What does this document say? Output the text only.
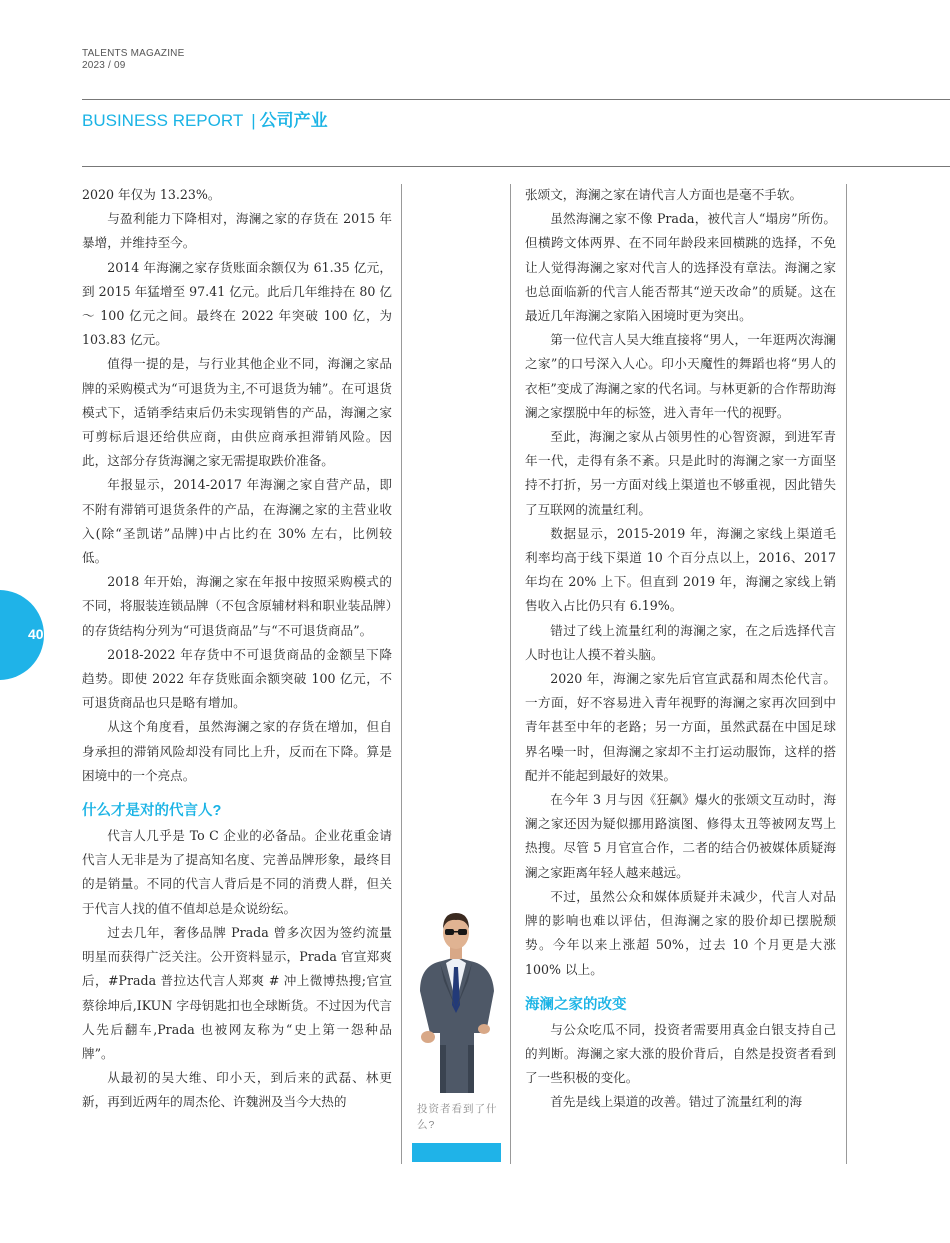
TALENTS MAGAZINE
2023 / 09
BUSINESS REPORT | 公司产业
40

2020 年仅为 13.23%。

与盈利能力下降相对，海澜之家的存货在 2015 年暴增，并维持至今。

2014 年海澜之家存货账面余额仅为 61.35 亿元，到 2015 年猛增至 97.41 亿元。此后几年维持在 80 亿～ 100 亿元之间。最终在 2022 年突破 100 亿，为 103.83 亿元。

值得一提的是，与行业其他企业不同，海澜之家品牌的采购模式为“可退货为主,不可退货为辅”。在可退货模式下，适销季结束后仍未实现销售的产品，海澜之家可剪标后退还给供应商，由供应商承担滞销风险。因此，这部分存货海澜之家无需提取跌价准备。

年报显示，2014-2017 年海澜之家自营产品，即不附有滞销可退货条件的产品，在海澜之家的主营业收入(除“圣凯诺”品牌)中占比约在 30% 左右，比例较低。

2018 年开始，海澜之家在年报中按照采购模式的不同，将服装连锁品牌（不包含原辅材料和职业装品牌）的存货结构分列为“可退货商品”与“不可退货商品”。

2018-2022 年存货中不可退货商品的金额呈下降趋势。即使 2022 年存货账面余额突破 100 亿元，不可退货商品也只是略有增加。

从这个角度看，虽然海澜之家的存货在增加，但自身承担的滞销风险却没有同比上升，反而在下降。算是困境中的一个亮点。

什么才是对的代言人?

代言人几乎是 To C 企业的必备品。企业花重金请代言人无非是为了提高知名度、完善品牌形象，最终目的是销量。不同的代言人背后是不同的消费人群，但关于代言人找的值不值却总是众说纷纭。

过去几年，奢侈品牌 Prada 曾多次因为签约流量明星而获得广泛关注。公开资料显示，Prada 官宣郑爽后，#Prada 普拉达代言人郑爽 # 冲上微博热搜;官宣蔡徐坤后,IKUN 字母钥匙扣也全球断货。不过因为代言人先后翻车,Prada 也被网友称为“史上第一怨种品牌”。

从最初的吴大维、印小天，到后来的武磊、林更新，再到近两年的周杰伦、许魏洲及当今大热的	投资者看到了什么?

张颂文，海澜之家在请代言人方面也是毫不手软。

虽然海澜之家不像 Prada，被代言人“塌房”所伤。但横跨文体两界、在不同年龄段来回横跳的选择，不免让人觉得海澜之家对代言人的选择没有章法。海澜之家也总面临新的代言人能否帮其“逆天改命”的质疑。这在最近几年海澜之家陷入困境时更为突出。

第一位代言人吴大维直接将“男人，一年逛两次海澜之家”的口号深入人心。印小天魔性的舞蹈也将“男人的衣柜”变成了海澜之家的代名词。与林更新的合作帮助海澜之家摆脱中年的标签，进入青年一代的视野。

至此，海澜之家从占领男性的心智资源，到进军青年一代，走得有条不紊。只是此时的海澜之家一方面坚持不打折，另一方面对线上渠道也不够重视，因此错失了互联网的流量红利。

数据显示，2015-2019 年，海澜之家线上渠道毛利率均高于线下渠道 10 个百分点以上，2016、2017 年均在 20% 上下。但直到 2019 年，海澜之家线上销售收入占比仍只有 6.19%。

错过了线上流量红利的海澜之家，在之后选择代言人时也让人摸不着头脑。

2020 年，海澜之家先后官宣武磊和周杰伦代言。一方面，好不容易进入青年视野的海澜之家再次回到中青年甚至中年的老路；另一方面，虽然武磊在中国足球界名噪一时，但海澜之家却不主打运动服饰，这样的搭配并不能起到最好的效果。

在今年 3 月与因《狂飙》爆火的张颂文互动时，海澜之家还因为疑似挪用路演图、修得太丑等被网友骂上热搜。尽管 5 月官宣合作，二者的结合仍被媒体质疑海澜之家距离年轻人越来越远。

不过，虽然公众和媒体质疑并未减少，代言人对品牌的影响也难以评估，但海澜之家的股价却已摆脱颓势。今年以来上涨超 50%，过去 10 个月更是大涨 100% 以上。

海澜之家的改变

与公众吃瓜不同，投资者需要用真金白银支持自己的判断。海澜之家大涨的股价背后，自然是投资者看到了一些积极的变化。

首先是线上渠道的改善。错过了流量红利的海
